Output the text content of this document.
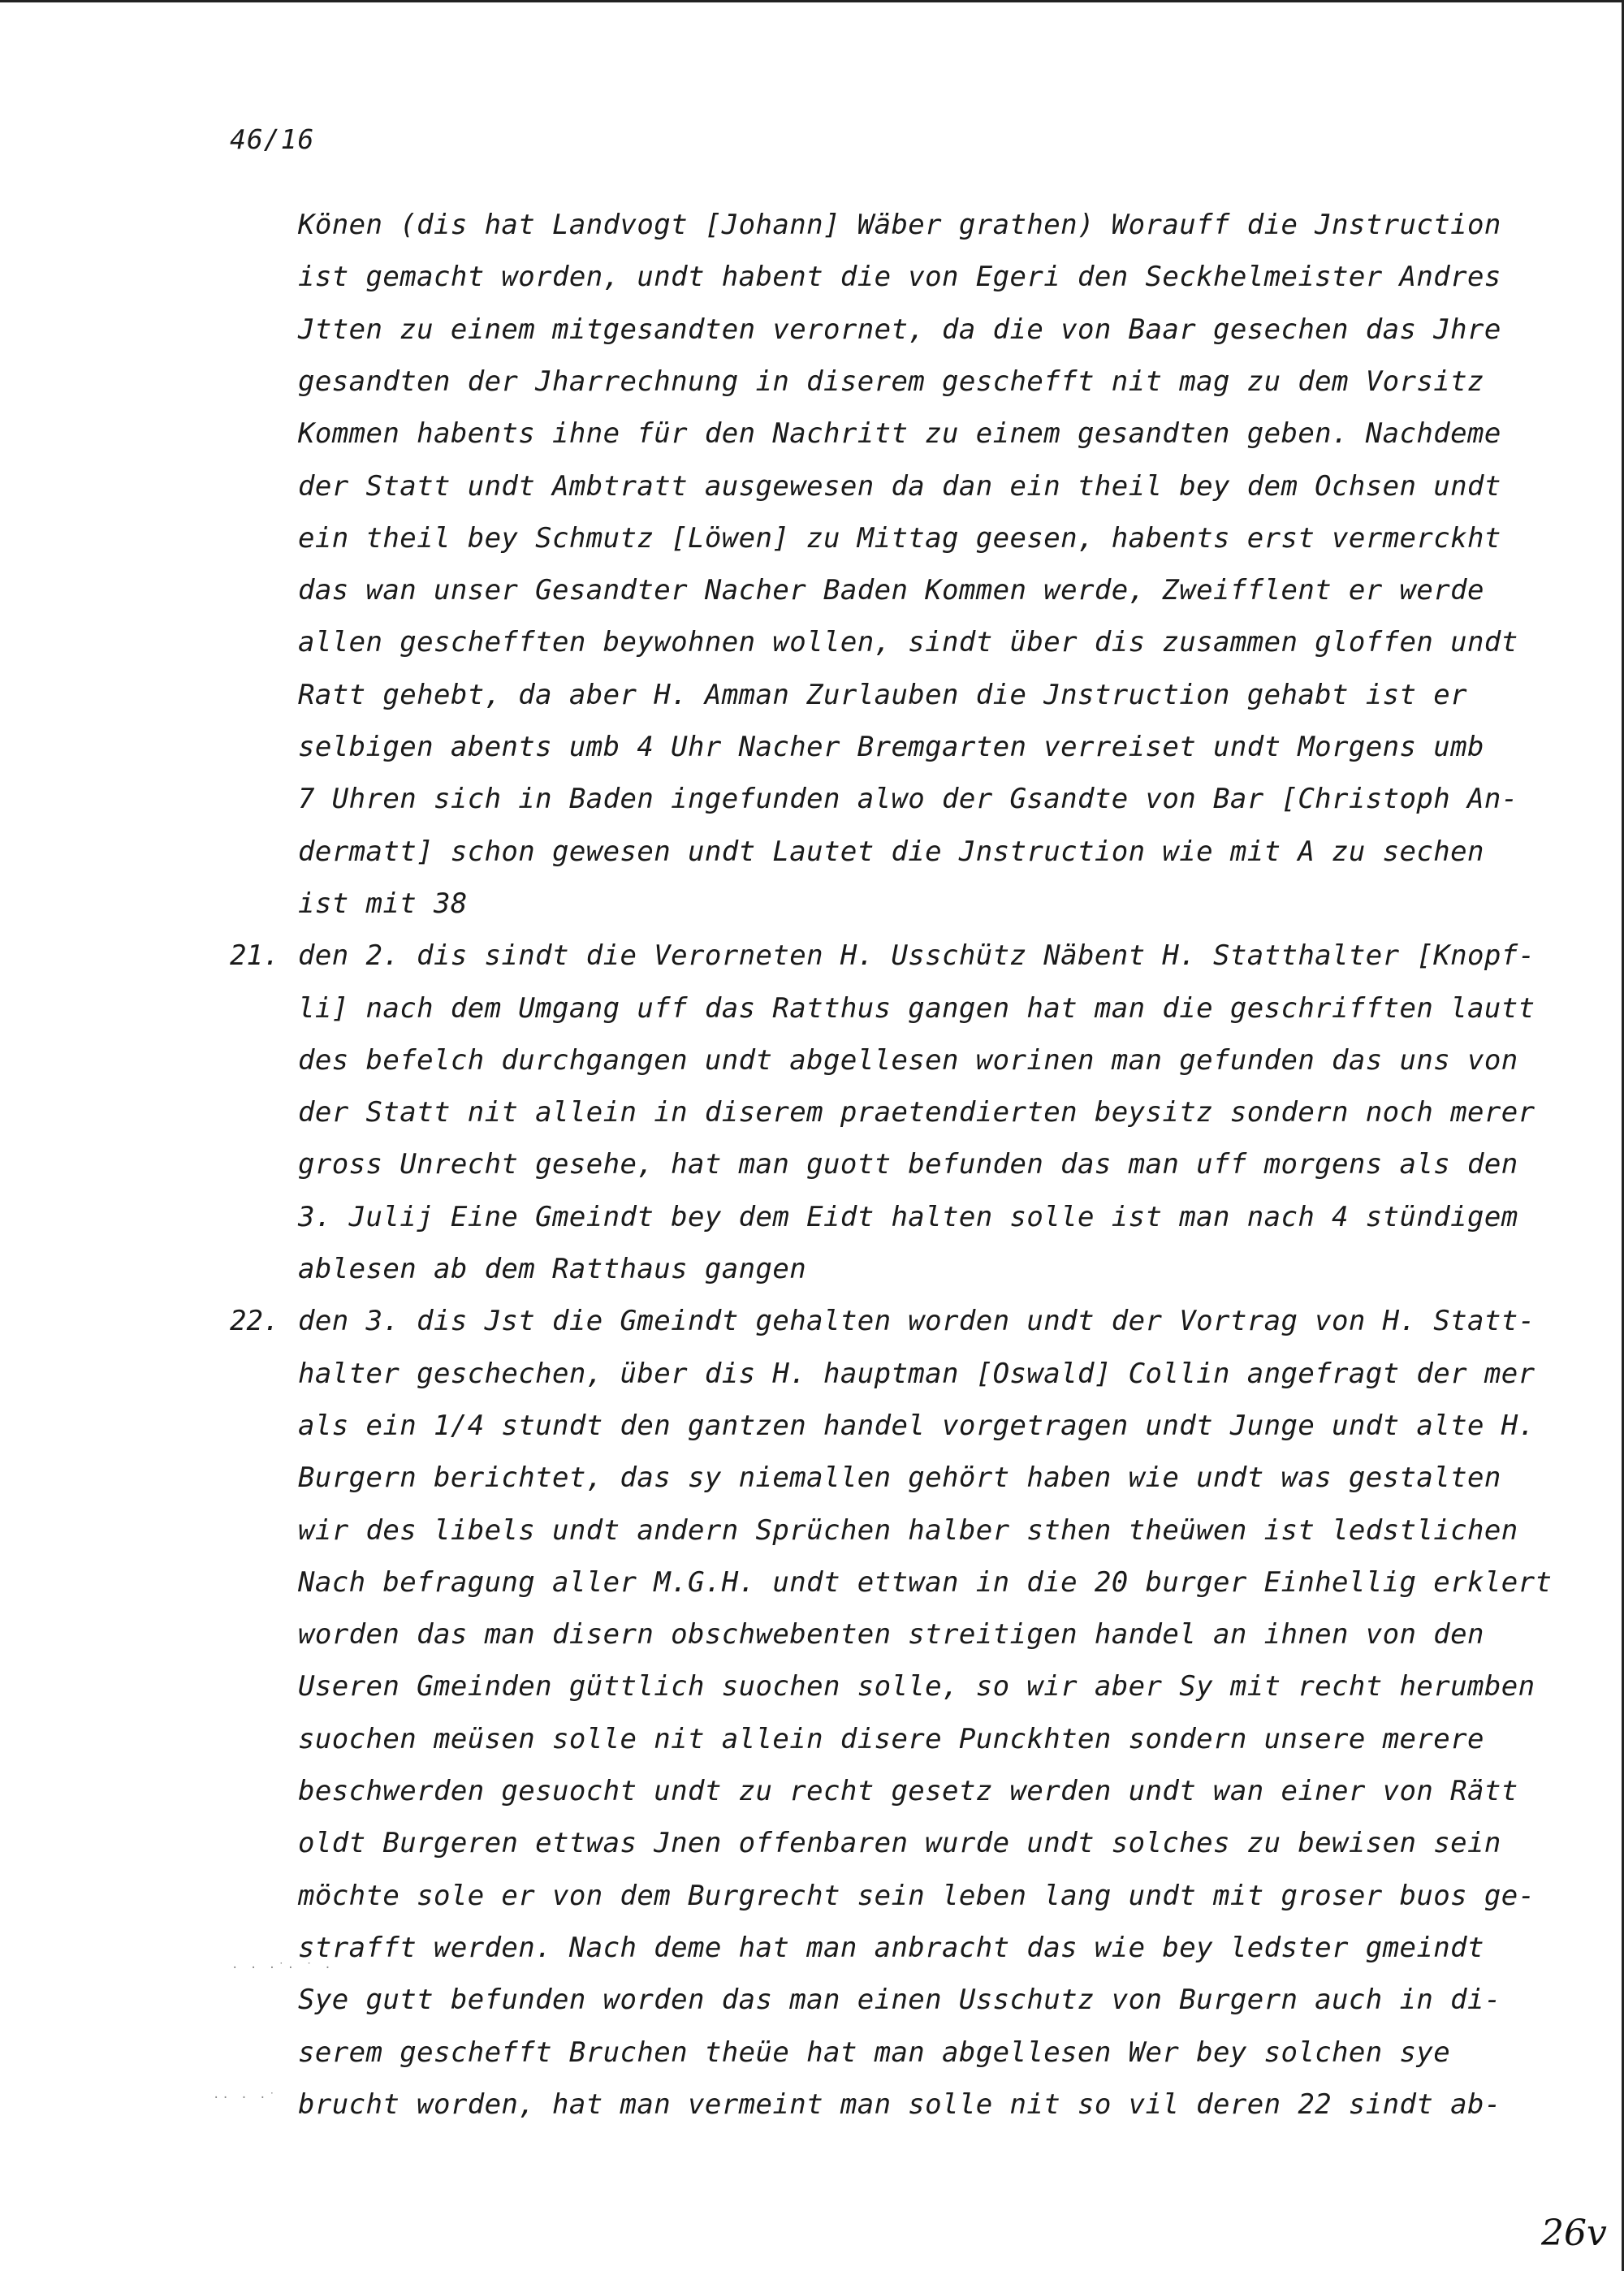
46/16
Könen (dis hat Landvogt [Johann] Wäber grathen) Worauff die Jnstruction
ist gemacht worden, undt habent die von Egeri den Seckhelmeister Andres
Jtten zu einem mitgesandten verornet, da die von Baar gesechen das Jhre
gesandten der Jharrechnung in diserem geschefft nit mag zu dem Vorsitz
Kommen habents ihne für den Nachritt zu einem gesandten geben. Nachdeme
der Statt undt Ambtratt ausgewesen da dan ein theil bey dem Ochsen undt
ein theil bey Schmutz [Löwen] zu Mittag geesen, habents erst vermerckht
das wan unser Gesandter Nacher Baden Kommen werde, Zweifflent er werde
allen geschefften beywohnen wollen, sindt über dis zusammen gloffen undt
Ratt gehebt, da aber H. Amman Zurlauben die Jnstruction gehabt ist er
selbigen abents umb 4 Uhr Nacher Bremgarten verreiset undt Morgens umb
7 Uhren sich in Baden ingefunden alwo der Gsandte von Bar [Christoph An-
dermatt] schon gewesen undt Lautet die Jnstruction wie mit A zu sechen
ist mit 38
21. den 2. dis sindt die Verorneten H. Usschütz Näbent H. Statthalter [Knopf-
li] nach dem Umgang uff das Ratthus gangen hat man die geschrifften lautt
des befelch durchgangen undt abgellesen worinen man gefunden das uns von
der Statt nit allein in diserem praetendierten beysitz sondern noch merer
gross Unrecht gesehe, hat man guott befunden das man uff morgens als den
3. Julij Eine Gmeindt bey dem Eidt halten solle ist man nach 4 stündigem
ablesen ab dem Ratthaus gangen
22. den 3. dis Jst die Gmeindt gehalten worden undt der Vortrag von H. Statt-
halter geschechen, über dis H. hauptman [Oswald] Collin angefragt der mer
als ein 1/4 stundt den gantzen handel vorgetragen undt Junge undt alte H.
Burgern berichtet, das sy niemallen gehört haben wie undt was gestalten
wir des libels undt andern Sprüchen halber sthen theüwen ist ledstlichen
Nach befragung aller M.G.H. undt ettwan in die 20 burger Einhellig erklert
worden das man disern obschwebenten streitigen handel an ihnen von den
Useren Gmeinden güttlich suochen solle, so wir aber Sy mit recht herumben
suochen meüsen solle nit allein disere Punckhten sondern unsere merere
beschwerden gesuocht undt zu recht gesetz werden undt wan einer von Rätt
oldt Burgeren ettwas Jnen offenbaren wurde undt solches zu bewisen sein
möchte sole er von dem Burgrecht sein leben lang undt mit groser buos ge-
strafft werden. Nach deme hat man anbracht das wie bey ledster gmeindt
Sye gutt befunden worden das man einen Usschutz von Burgern auch in di-
serem geschefft Bruchen theüe hat man abgellesen Wer bey solchen sye
brucht worden, hat man vermeint man solle nit so vil deren 22 sindt ab-
· · ·˙· ˙ ·
·· · ·˙
26v
